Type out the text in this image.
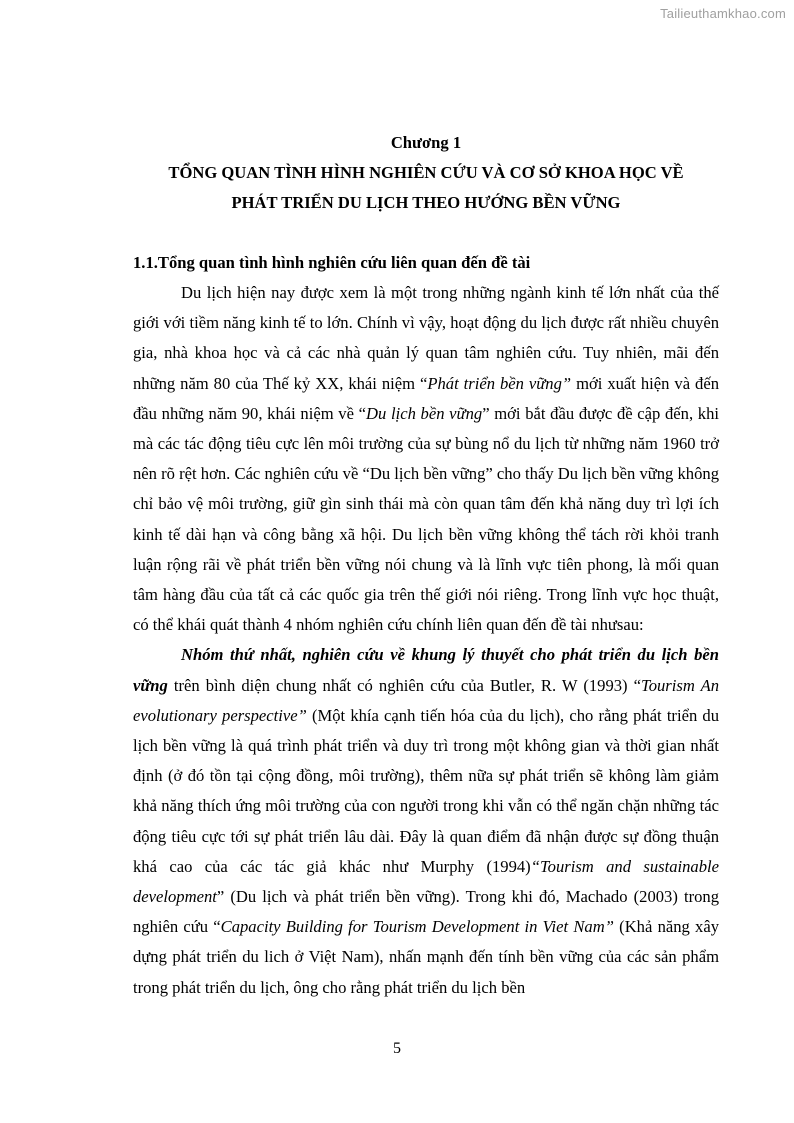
Tailieuthamkhao.com
Chương 1
TỔNG QUAN TÌNH HÌNH NGHIÊN CỨU VÀ CƠ SỞ KHOA HỌC VỀ
PHÁT TRIỂN DU LỊCH THEO HƯỚNG BỀN VỮNG
1.1.Tổng quan tình hình nghiên cứu liên quan đến đề tài

Du lịch hiện nay được xem là một trong những ngành kinh tế lớn nhất của thế giới với tiềm năng kinh tế to lớn. Chính vì vậy, hoạt động du lịch được rất nhiều chuyên gia, nhà khoa học và cả các nhà quản lý quan tâm nghiên cứu. Tuy nhiên, mãi đến những năm 80 của Thế kỷ XX, khái niệm “Phát triển bền vững” mới xuất hiện và đến đầu những năm 90, khái niệm về “Du lịch bền vững” mới bắt đầu được đề cập đến, khi mà các tác động tiêu cực lên môi trường của sự bùng nổ du lịch từ những năm 1960 trở nên rõ rệt hơn. Các nghiên cứu về “Du lịch bền vững” cho thấy Du lịch bền vững không chỉ bảo vệ môi trường, giữ gìn sinh thái mà còn quan tâm đến khả năng duy trì lợi ích kinh tế dài hạn và công bằng xã hội. Du lịch bền vững không thể tách rời khỏi tranh luận rộng rãi về phát triển bền vững nói chung và là lĩnh vực tiên phong, là mối quan tâm hàng đầu của tất cả các quốc gia trên thế giới nói riêng. Trong lĩnh vực học thuật, có thể khái quát thành 4 nhóm nghiên cứu chính liên quan đến đề tài nhưsau:

Nhóm thứ nhất, nghiên cứu về khung lý thuyết cho phát triển du lịch bền vững trên bình diện chung nhất có nghiên cứu của Butler, R. W (1993) “Tourism An evolutionary perspective” (Một khía cạnh tiến hóa của du lịch), cho rằng phát triển du lịch bền vững là quá trình phát triển và duy trì trong một không gian và thời gian nhất định (ở đó tồn tại cộng đồng, môi trường), thêm nữa sự phát triển sẽ không làm giảm khả năng thích ứng môi trường của con người trong khi vẫn có thể ngăn chặn những tác động tiêu cực tới sự phát triển lâu dài. Đây là quan điểm đã nhận được sự đồng thuận khá cao của các tác giả khác như Murphy (1994)“Tourism and sustainable development” (Du lịch và phát triển bền vững). Trong khi đó, Machado (2003) trong nghiên cứu “Capacity Building for Tourism Development in Viet Nam” (Khả năng xây dựng phát triển du lich ở Việt Nam), nhấn mạnh đến tính bền vững của các sản phẩm trong phát triển du lịch, ông cho rằng phát triển du lịch bền

5
